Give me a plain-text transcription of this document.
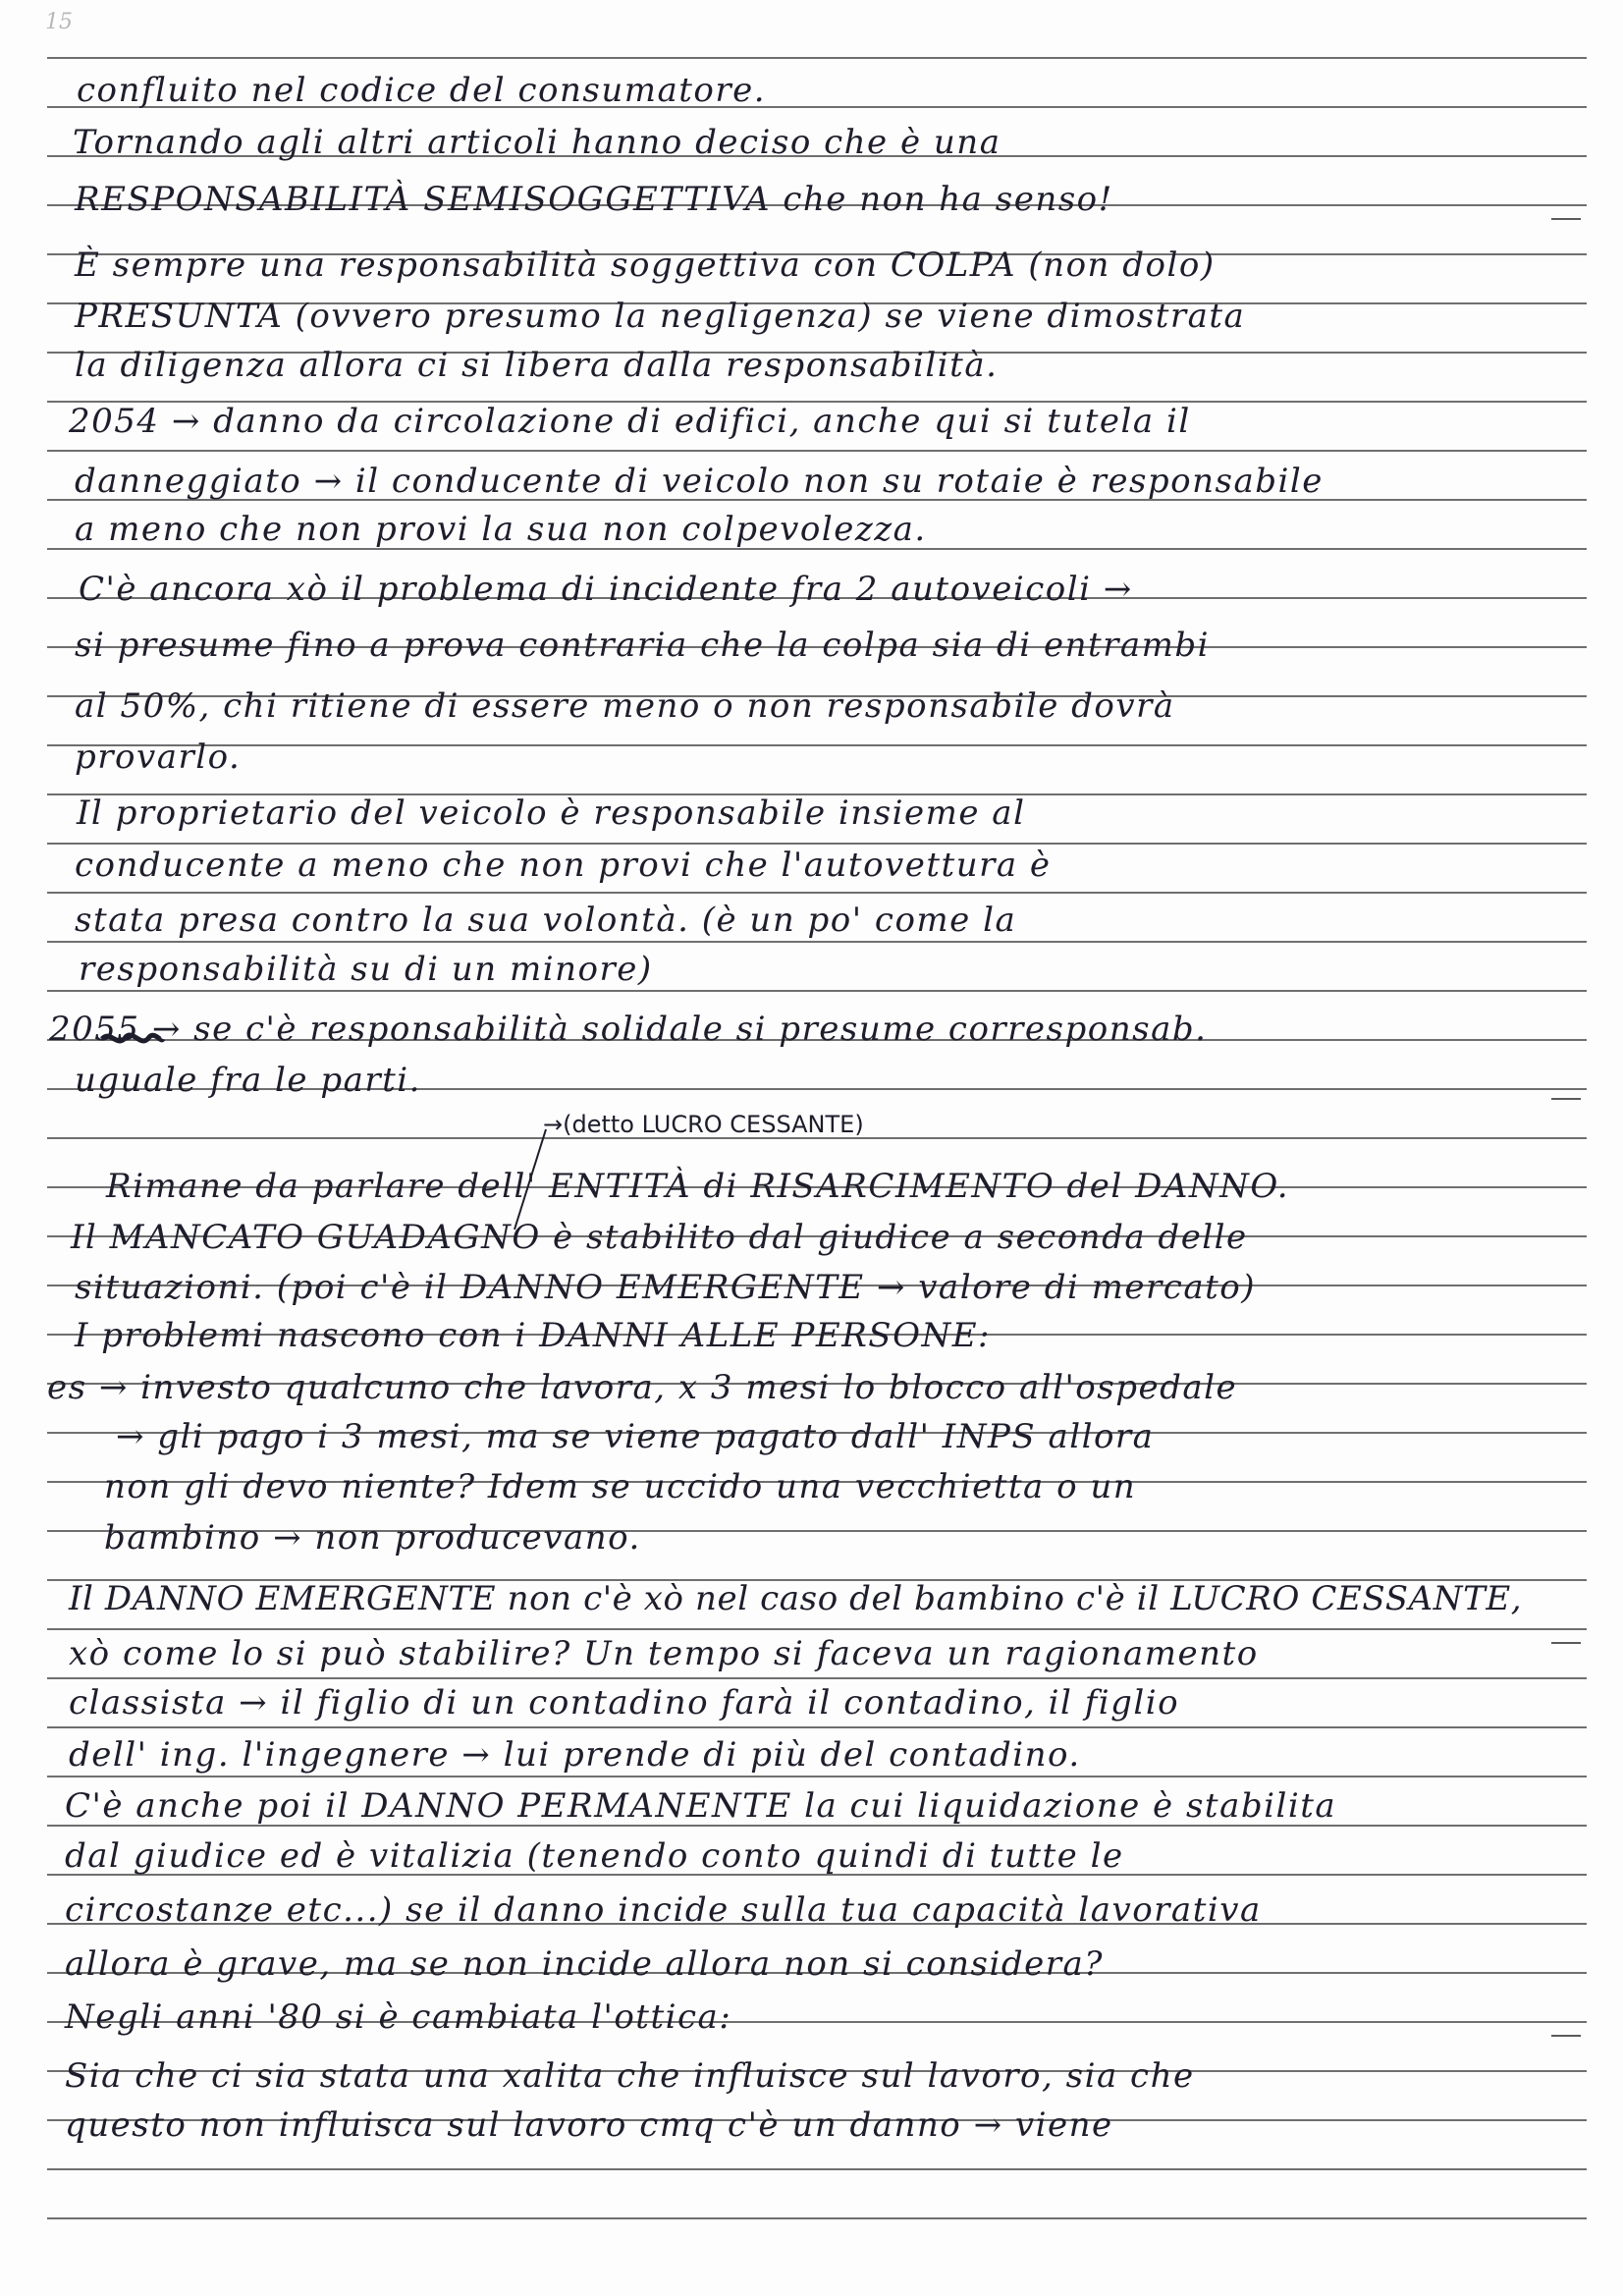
15
confluito nel codice del consumatore.
Tornando agli altri articoli hanno deciso che è una
RESPONSABILITÀ SEMISOGGETTIVA che non ha senso!
È sempre una responsabilità soggettiva con COLPA (non dolo)
PRESUNTA (ovvero presumo la negligenza) se viene dimostrata
la diligenza allora ci si libera dalla responsabilità.
2054 → danno da circolazione di edifici, anche qui si tutela il
danneggiato → il conducente di veicolo non su rotaie è responsabile
a meno che non provi la sua non colpevolezza.
C'è ancora xò il problema di incidente fra 2 autoveicoli →
si presume fino a prova contraria che la colpa sia di entrambi
al 50%, chi ritiene di essere meno o non responsabile dovrà
provarlo.
Il proprietario del veicolo è responsabile insieme al
conducente a meno che non provi che l'autovettura è
stata presa contro la sua volontà. (è un po' come la
responsabilità su di un minore)
2055 → se c'è responsabilità solidale si presume corresponsab.
uguale fra le parti.
→(detto LUCRO CESSANTE)
Rimane da parlare dell' ENTITÀ di RISARCIMENTO del DANNO.
Il MANCATO GUADAGNO è stabilito dal giudice a seconda delle
situazioni. (poi c'è il DANNO EMERGENTE → valore di mercato)
I problemi nascono con i DANNI ALLE PERSONE:
es → investo qualcuno che lavora, x 3 mesi lo blocco all'ospedale
→ gli pago i 3 mesi, ma se viene pagato dall' INPS allora
non gli devo niente? Idem se uccido una vecchietta o un
bambino → non producevano.
Il DANNO EMERGENTE non c'è xò nel caso del bambino c'è il LUCRO CESSANTE,
xò come lo si può stabilire? Un tempo si faceva un ragionamento
classista → il figlio di un contadino farà il contadino, il figlio
dell' ing. l'ingegnere → lui prende di più del contadino.
C'è anche poi il DANNO PERMANENTE la cui liquidazione è stabilita
dal giudice ed è vitalizia (tenendo conto quindi di tutte le
circostanze etc...) se il danno incide sulla tua capacità lavorativa
allora è grave, ma se non incide allora non si considera?
Negli anni '80 si è cambiata l'ottica:
Sia che ci sia stata una xalita che influisce sul lavoro, sia che
questo non influisca sul lavoro cmq c'è un danno → viene
